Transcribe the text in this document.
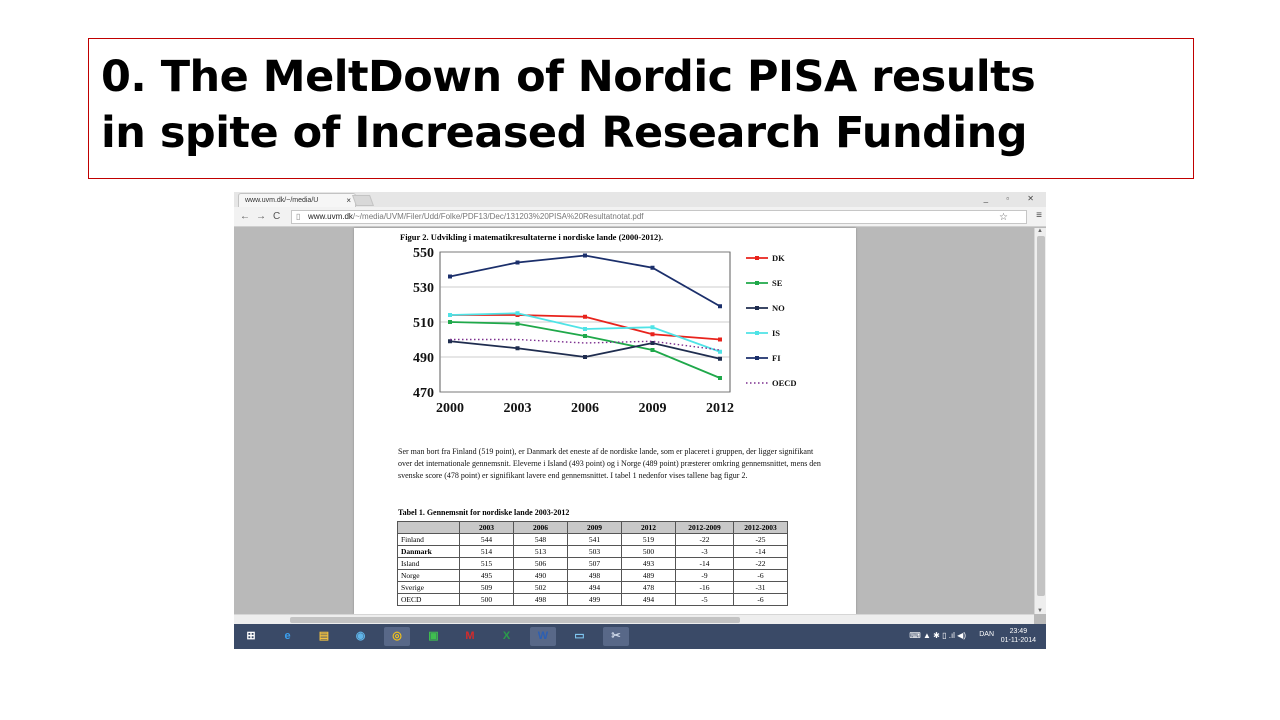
0. The MeltDown of Nordic PISA results
in spite of Increased Research Funding
www.uvm.dk/~/media/U	×	_ ▫ ✕
← → C ▯ www.uvm.dk/~/media/UVM/Filer/Udd/Folke/PDF13/Dec/131203%20PISA%20Resultatnotat.pdf	☆	≡
Figur 2. Udvikling i matematikresultaterne i nordiske lande (2000-2012).
550
530
510
490
470
2000	2003	2006	2009	2012
DK
SE
NO
IS
FI
OECD
Ser man bort fra Finland (519 point), er Danmark det eneste af de nordiske lande, som er placeret i gruppen, der ligger signifikant over det internationale gennemsnit. Eleverne i Island (493 point) og i Norge (489 point) præsterer omkring gennemsnittet, mens den svenske score (478 point) er signifikant lavere end gennemsnittet. I tabel 1 nedenfor vises tallene bag figur 2.
Tabel 1. Gennemsnit for nordiske lande 2003-2012
	2003	2006	2009	2012	2012-2009	2012-2003
Finland	544	548	541	519	-22	-25
Danmark	514	513	503	500	-3	-14
Island	515	506	507	493	-14	-22
Norge	495	490	498	489	-9	-6
Sverige	509	502	494	478	-16	-31
OECD	500	498	499	494	-5	-6
▲
▼
⌨ ▲ ✱ ▯ .ıl ◀) DAN	23:49
01-11-2014
⊞	e	▤	◉	◎	▣	M	X	W	▭	✂
